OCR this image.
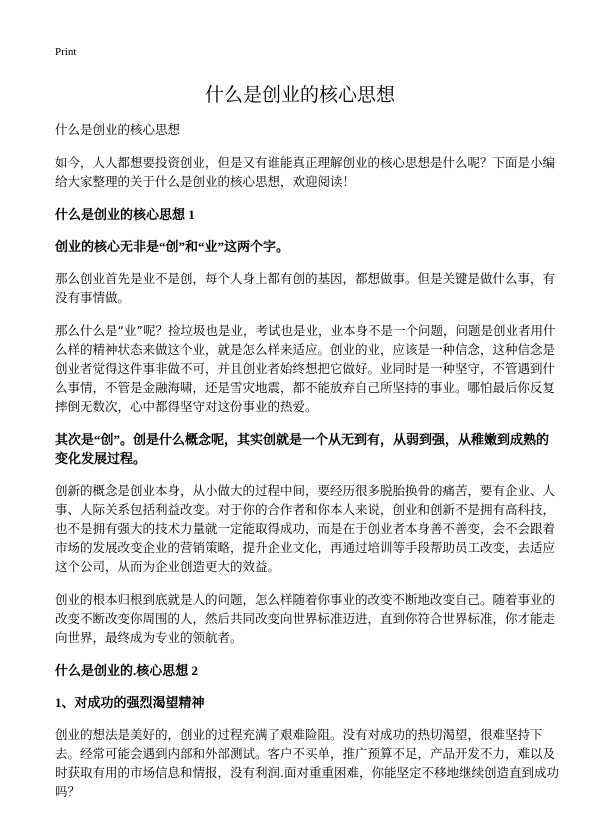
Print
什么是创业的核心思想

什么是创业的核心思想

如今，人人都想要投资创业，但是又有谁能真正理解创业的核心思想是什么呢？下面是小编给大家整理的关于什么是创业的核心思想，欢迎阅读！

什么是创业的核心思想 1

创业的核心无非是“创”和“业”这两个字。

那么创业首先是业不是创，每个人身上都有创的基因，都想做事。但是关键是做什么事，有没有事情做。

那么什么是“业”呢？捡垃圾也是业，考试也是业，业本身不是一个问题，问题是创业者用什么样的精神状态来做这个业，就是怎么样来适应。创业的业，应该是一种信念，这种信念是创业者觉得这件事非做不可，并且创业者始终想把它做好。业同时是一种坚守，不管遇到什么事情，不管是金融海啸，还是雪灾地震，都不能放弃自己所坚持的事业。哪怕最后你反复摔倒无数次，心中都得坚守对这份事业的热爱。

其次是“创”。创是什么概念呢，其实创就是一个从无到有，从弱到强，从稚嫩到成熟的变化发展过程。

创新的概念是创业本身，从小做大的过程中间，要经历很多脱胎换骨的痛苦，要有企业、人事、人际关系包括利益改变。对于你的合作者和你本人来说，创业和创新不是拥有高科技，也不是拥有强大的技术力量就一定能取得成功，而是在于创业者本身善不善变，会不会跟着市场的发展改变企业的营销策略，提升企业文化，再通过培训等手段帮助员工改变，去适应这个公司，从而为企业创造更大的效益。

创业的根本归根到底就是人的问题，怎么样随着你事业的改变不断地改变自己。随着事业的改变不断改变你周围的人，然后共同改变向世界标准迈进，直到你符合世界标准，你才能走向世界，最终成为专业的领航者。

什么是创业的.核心思想 2

1、对成功的强烈渴望精神

创业的想法是美好的，创业的过程充满了艰难险阻。没有对成功的热切渴望，很难坚持下去。经常可能会遇到内部和外部测试。客户不买单，推广预算不足，产品开发不力，难以及时获取有用的市场信息和情报，没有利润.面对重重困难，你能坚定不移地继续创造直到成功吗？
